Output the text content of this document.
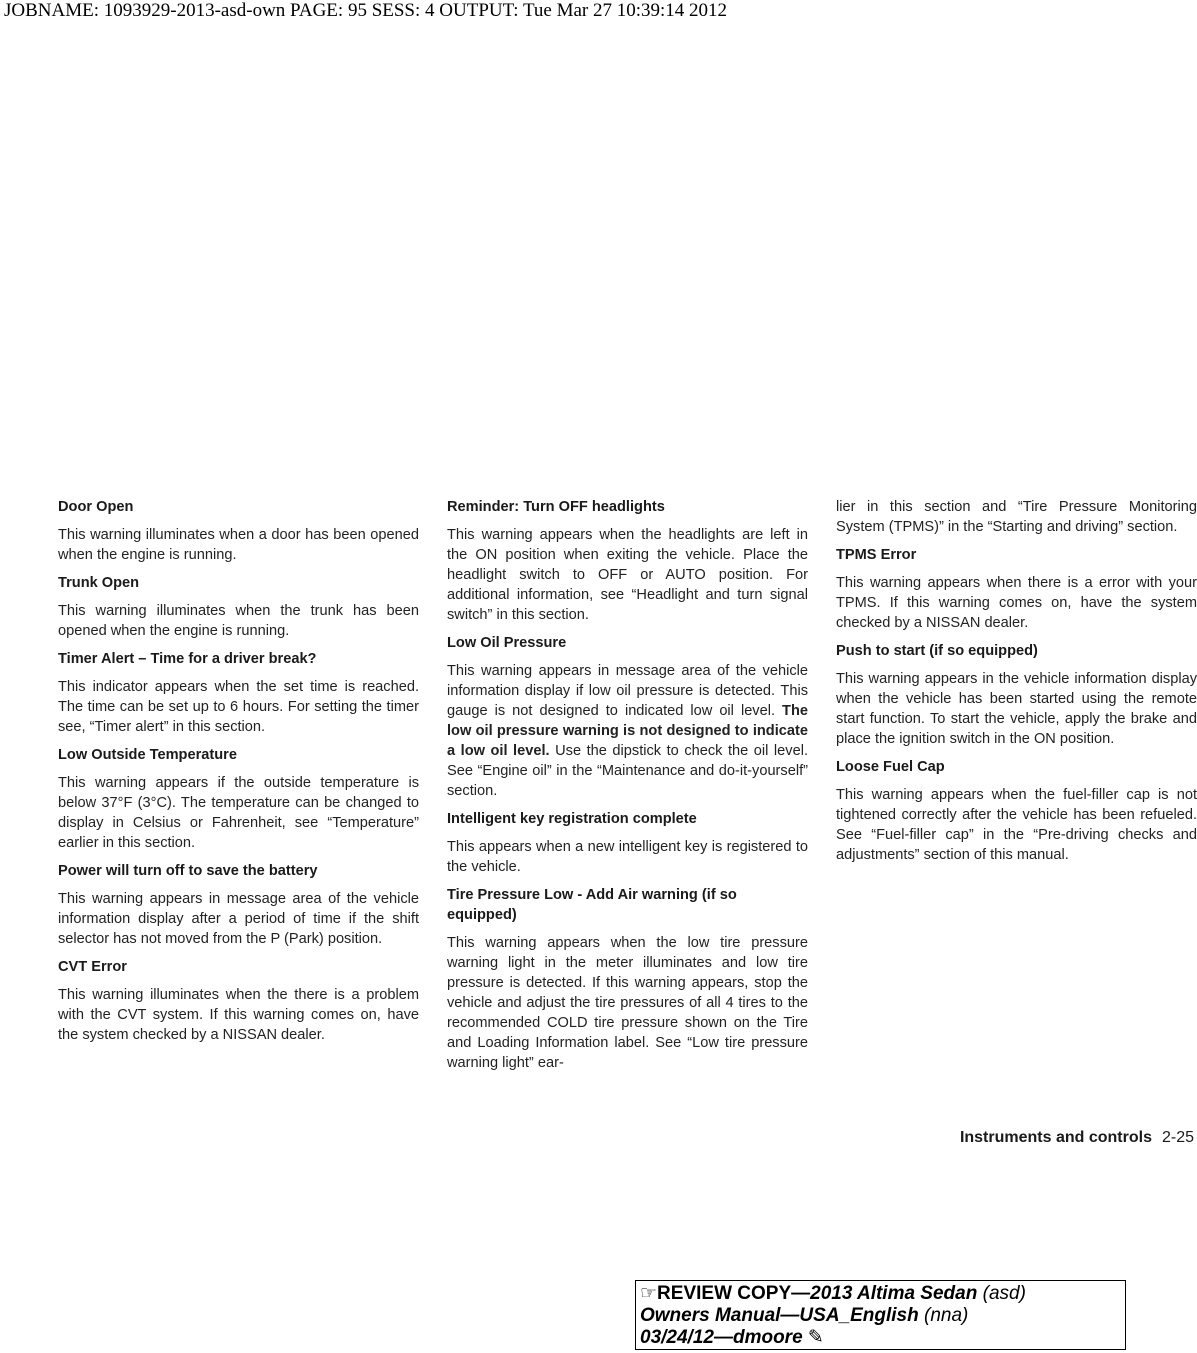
JOBNAME: 1093929-2013-asd-own PAGE: 95 SESS: 4 OUTPUT: Tue Mar 27 10:39:14 2012
Door Open

This warning illuminates when a door has been opened when the engine is running.

Trunk Open

This warning illuminates when the trunk has been opened when the engine is running.

Timer Alert – Time for a driver break?

This indicator appears when the set time is reached. The time can be set up to 6 hours. For setting the timer see, “Timer alert” in this section.

Low Outside Temperature

This warning appears if the outside temperature is below 37°F (3°C). The temperature can be changed to display in Celsius or Fahrenheit, see “Temperature” earlier in this section.

Power will turn off to save the battery

This warning appears in message area of the vehicle information display after a period of time if the shift selector has not moved from the P (Park) position.

CVT Error

This warning illuminates when the there is a problem with the CVT system. If this warning comes on, have the system checked by a NISSAN dealer.

Reminder: Turn OFF headlights

This warning appears when the headlights are left in the ON position when exiting the vehicle. Place the headlight switch to OFF or AUTO position. For additional information, see “Headlight and turn signal switch” in this section.

Low Oil Pressure

This warning appears in message area of the vehicle information display if low oil pressure is detected. This gauge is not designed to indicated low oil level. The low oil pressure warning is not designed to indicate a low oil level. Use the dipstick to check the oil level. See “Engine oil” in the “Maintenance and do-it-yourself” section.

Intelligent key registration complete

This appears when a new intelligent key is registered to the vehicle.

Tire Pressure Low - Add Air warning (if so equipped)

This warning appears when the low tire pressure warning light in the meter illuminates and low tire pressure is detected. If this warning appears, stop the vehicle and adjust the tire pressures of all 4 tires to the recommended COLD tire pressure shown on the Tire and Loading Information label. See “Low tire pressure warning light” ear-

lier in this section and “Tire Pressure Monitoring System (TPMS)” in the “Starting and driving” section.

TPMS Error

This warning appears when there is a error with your TPMS. If this warning comes on, have the system checked by a NISSAN dealer.

Push to start (if so equipped)

This warning appears in the vehicle information display when the vehicle has been started using the remote start function. To start the vehicle, apply the brake and place the ignition switch in the ON position.

Loose Fuel Cap

This warning appears when the fuel-filler cap is not tightened correctly after the vehicle has been refueled. See “Fuel-filler cap” in the “Pre-driving checks and adjustments” section of this manual.

Instruments and controls 2-25
☞REVIEW COPY—2013 Altima Sedan (asd)
Owners Manual—USA_English (nna)
03/24/12—dmoore ✎
